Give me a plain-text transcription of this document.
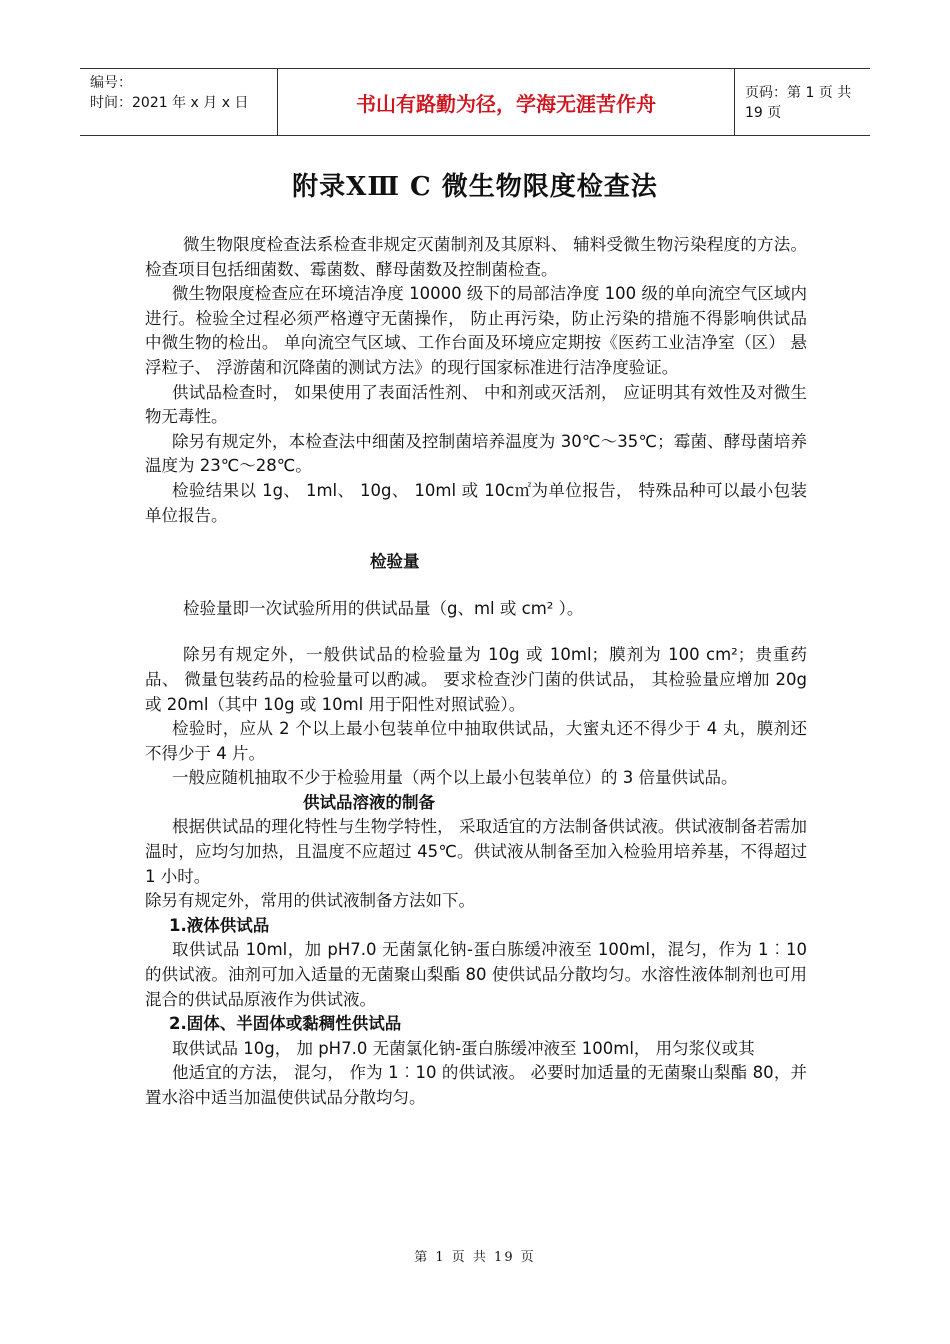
编号：
时间：2021 年 x 月 x 日	书山有路勤为径，学海无涯苦作舟	页码：第 1 页 共 19 页
附录ⅩⅢ C 微生物限度检查法

微生物限度检查法系检查非规定灭菌制剂及其原料、 辅料受微生物污染程度的方法。检查项目包括细菌数、霉菌数、酵母菌数及控制菌检查。

微生物限度检查应在环境洁净度 10000 级下的局部洁净度 100 级的单向流空气区域内进行。检验全过程必须严格遵守无菌操作， 防止再污染，防止污染的措施不得影响供试品中微生物的检出。 单向流空气区域、工作台面及环境应定期按《医药工业洁净室（区） 悬浮粒子、 浮游菌和沉降菌的测试方法》的现行国家标准进行洁净度验证。

供试品检查时， 如果使用了表面活性剂、 中和剂或灭活剂， 应证明其有效性及对微生物无毒性。

除另有规定外，本检查法中细菌及控制菌培养温度为 30℃～35℃；霉菌、酵母菌培养温度为 23℃～28℃。

检验结果以 1g、 1ml、 10g、 10ml 或 10c㎡为单位报告， 特殊品种可以最小包装单位报告。

检验量

检验量即一次试验所用的供试品量（g、ml 或 cm² ）。

除另有规定外，一般供试品的检验量为 10g 或 10ml；膜剂为 100 cm²；贵重药品、 微量包装药品的检验量可以酌减。 要求检查沙门菌的供试品， 其检验量应增加 20g 或 20ml（其中 10g 或 10ml 用于阳性对照试验）。

检验时，应从 2 个以上最小包装单位中抽取供试品，大蜜丸还不得少于 4 丸，膜剂还不得少于 4 片。

一般应随机抽取不少于检验用量（两个以上最小包装单位）的 3 倍量供试品。

供试品溶液的制备

根据供试品的理化特性与生物学特性， 采取适宜的方法制备供试液。供试液制备若需加温时，应均匀加热，且温度不应超过 45℃。供试液从制备至加入检验用培养基，不得超过 1 小时。

除另有规定外，常用的供试液制备方法如下。

1.液体供试品

取供试品 10ml，加 pH7.0 无菌氯化钠-蛋白胨缓冲液至 100ml，混匀，作为 1︰10 的供试液。油剂可加入适量的无菌聚山梨酯 80 使供试品分散均匀。水溶性液体制剂也可用混合的供试品原液作为供试液。

2.固体、半固体或黏稠性供试品

取供试品 10g， 加 pH7.0 无菌氯化钠-蛋白胨缓冲液至 100ml， 用匀浆仪或其

他适宜的方法， 混匀， 作为 1︰10 的供试液。 必要时加适量的无菌聚山梨酯 80，并置水浴中适当加温使供试品分散均匀。

第 1 页 共 19 页
